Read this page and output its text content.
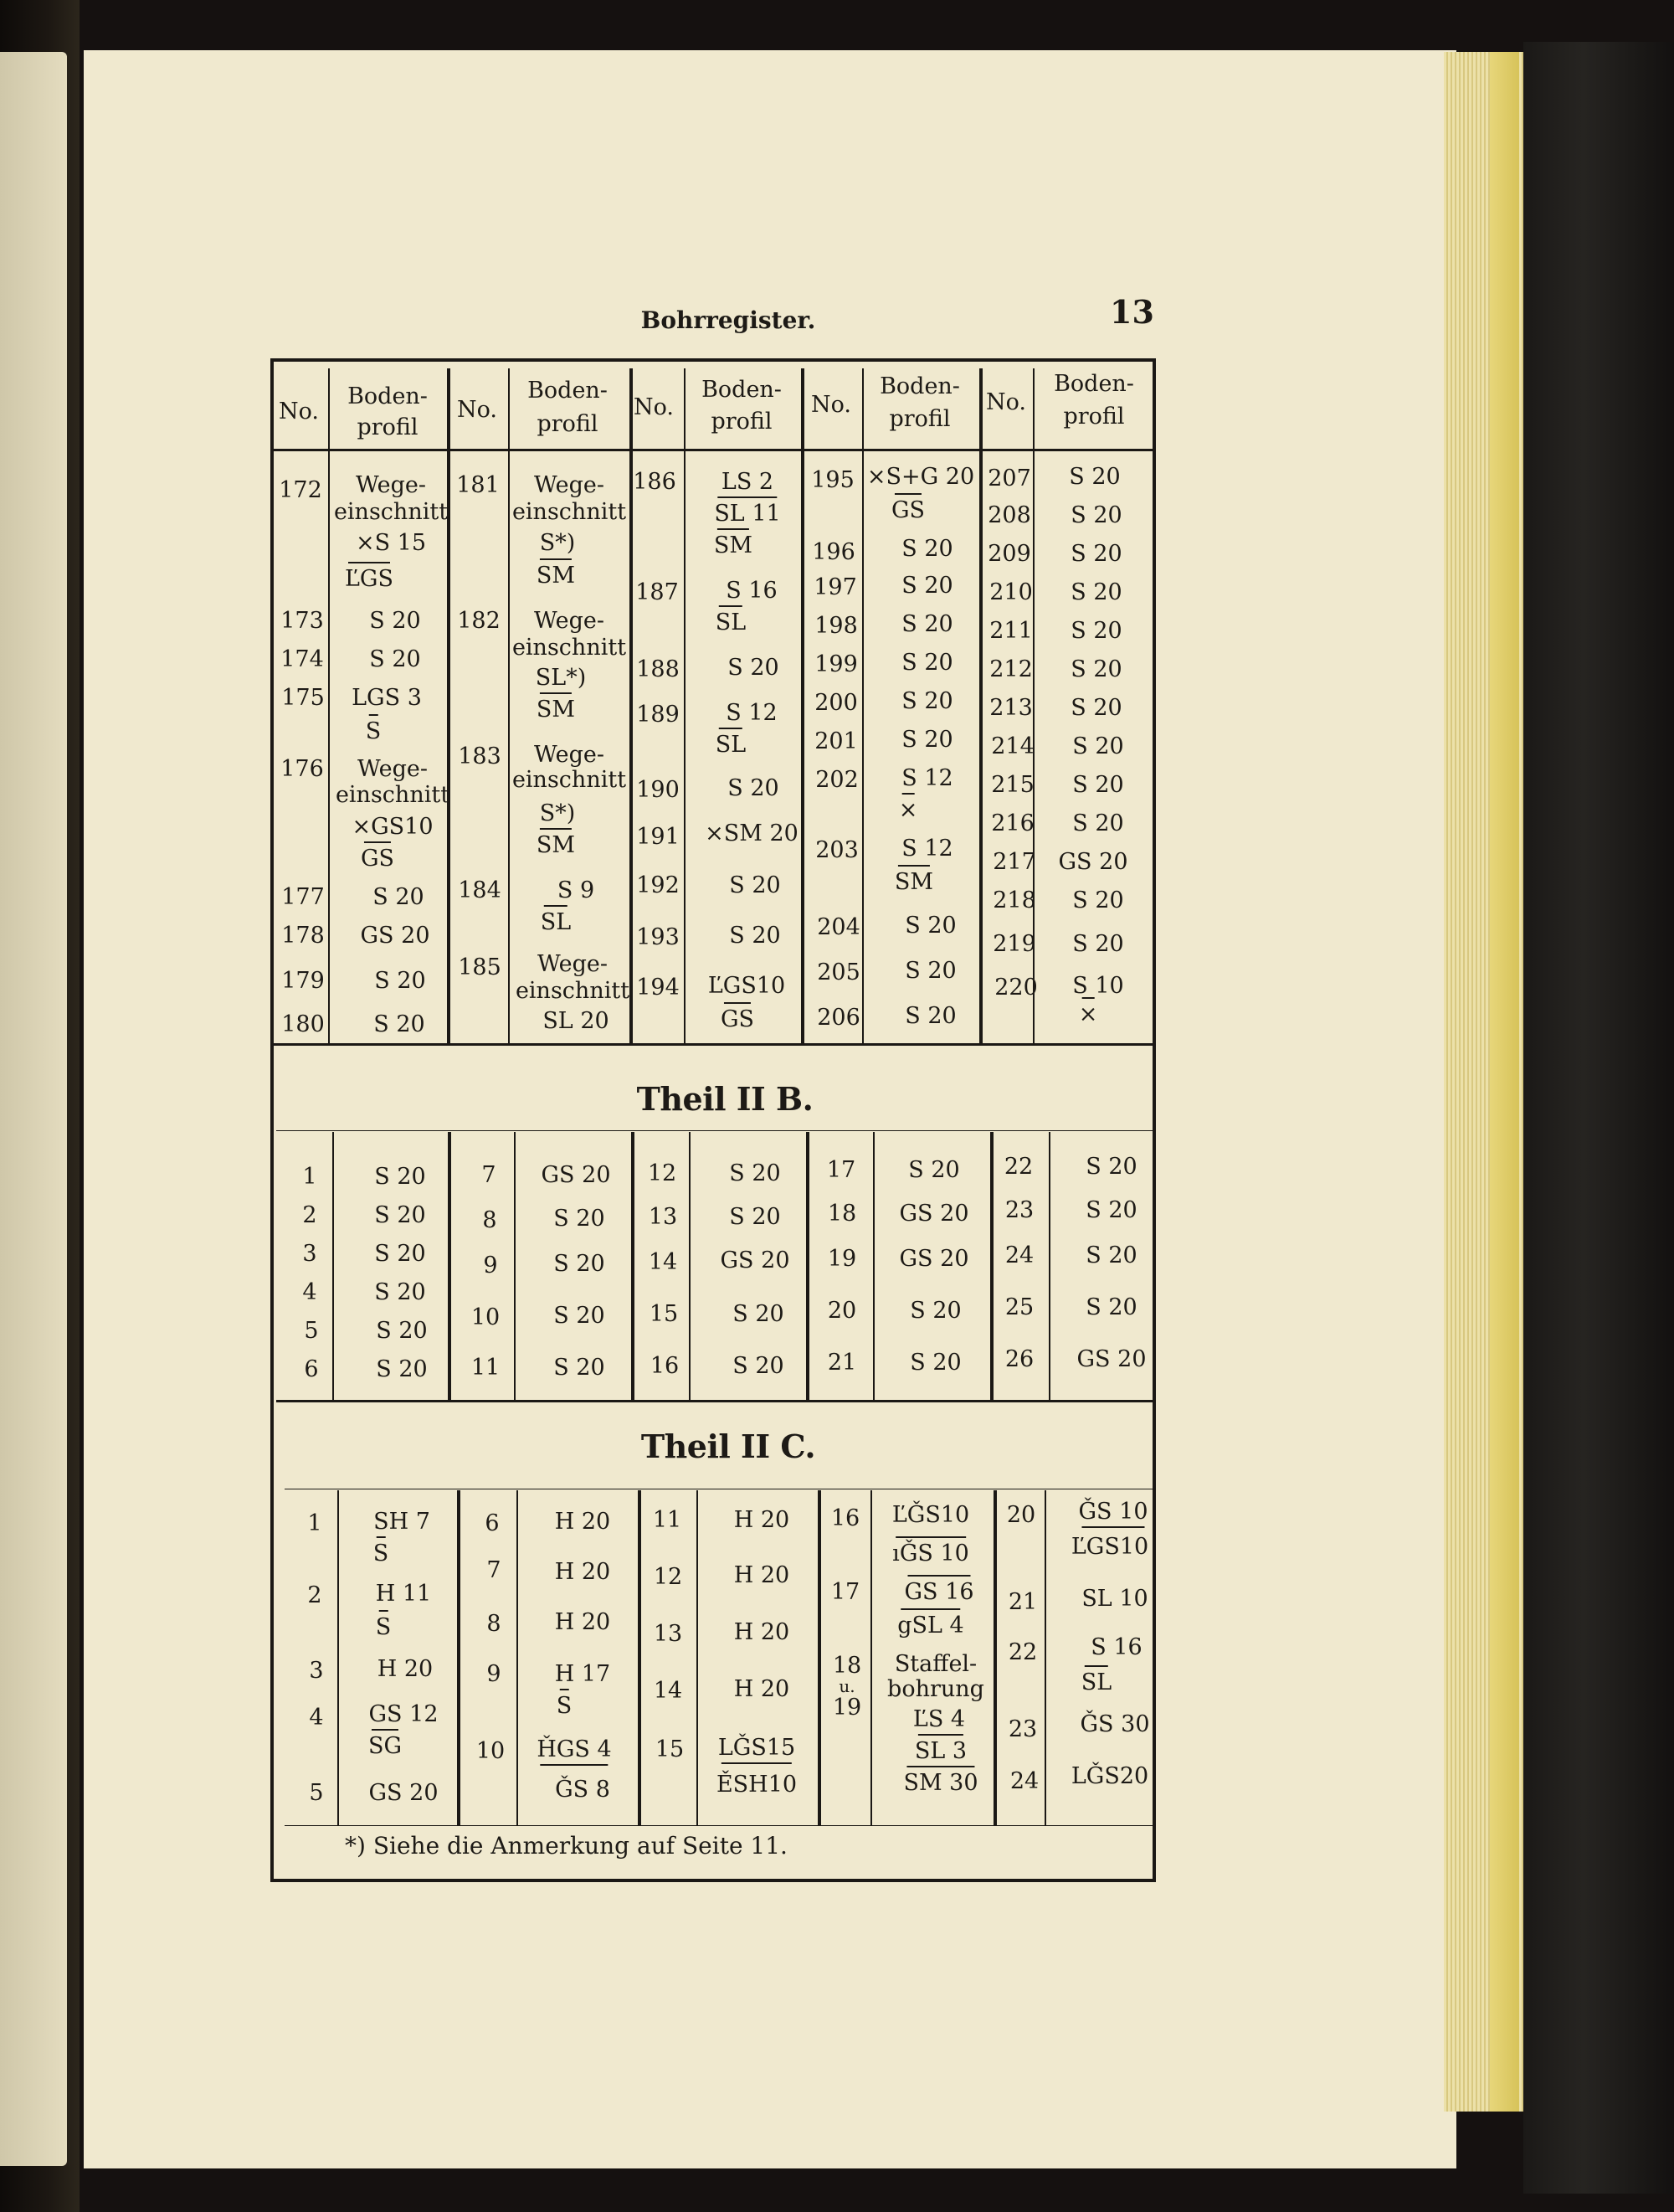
Bohrregister.	13
No.
Boden-
profil
No.
Boden-
profil
No.
Boden-
profil
No.
Boden-
profil
No.
Boden-
profil
172 Wege-
einschnitt
×S 15
ĽGS
173 S 20
174 S 20
175 LGS 3
S
176 Wege-
einschnitt
×GS10
GS
177 S 20
178 GS 20
179 S 20
180 S 20
181 Wege-
einschnitt
S*)
SM
182 Wege-
einschnitt
SL*)
SM
183 Wege-
einschnitt
S*)
SM
184 S 9
SL
185 Wege-
einschnitt
SL 20
186 LS 2
SL 11
SM
187 S 16
SL
188 S 20
189 S 12
SL
190 S 20
191 ×SM 20
192 S 20
193 S 20
194 ĽGS10
GS
195 ×S+G 20
GS
196 S 20
197 S 20
198 S 20
199 S 20
200 S 20
201 S 20
202 S 12
×
203 S 12
SM
204 S 20
205 S 20
206 S 20
207 S 20
208 S 20
209 S 20
210 S 20
211 S 20
212 S 20
213 S 20
214 S 20
215 S 20
216 S 20
217 GS 20
218 S 20
219 S 20
220 S 10
×
Theil II B.
1
2
3
4
5
6
S 20
S 20
S 20
S 20
S 20
S 20
7
8
9
10
11
GS 20
S 20
S 20
S 20
S 20
12
13
14
15
16
S 20
S 20
GS 20
S 20
S 20
17
18
19
20
21
S 20
GS 20
GS 20
S 20
S 20
22
23
24
25
26
S 20
S 20
S 20
S 20
GS 20
Theil II C.
1
2
3
4
5
SH 7
S
H 11
S
H 20
GS 12
SG
GS 20
6
7
8
9
10
H 20
H 20
H 20
H 17
S
ȞGS 4
ǦS 8
11
12
13
14
15
H 20
H 20
H 20
H 20
LǦS15
ĚSH10
16
17
18
u.
19
ĽǦS10
ıǦS 10
GS 16
gSL 4
Staffel-
bohrung
ĽS 4
SL 3
SM 30
20
21
22
23
24
ǦS 10
ĽGS10
SL 10
S 16
SL
ǦS 30
LǦS20
*) Siehe die Anmerkung auf Seite 11.
